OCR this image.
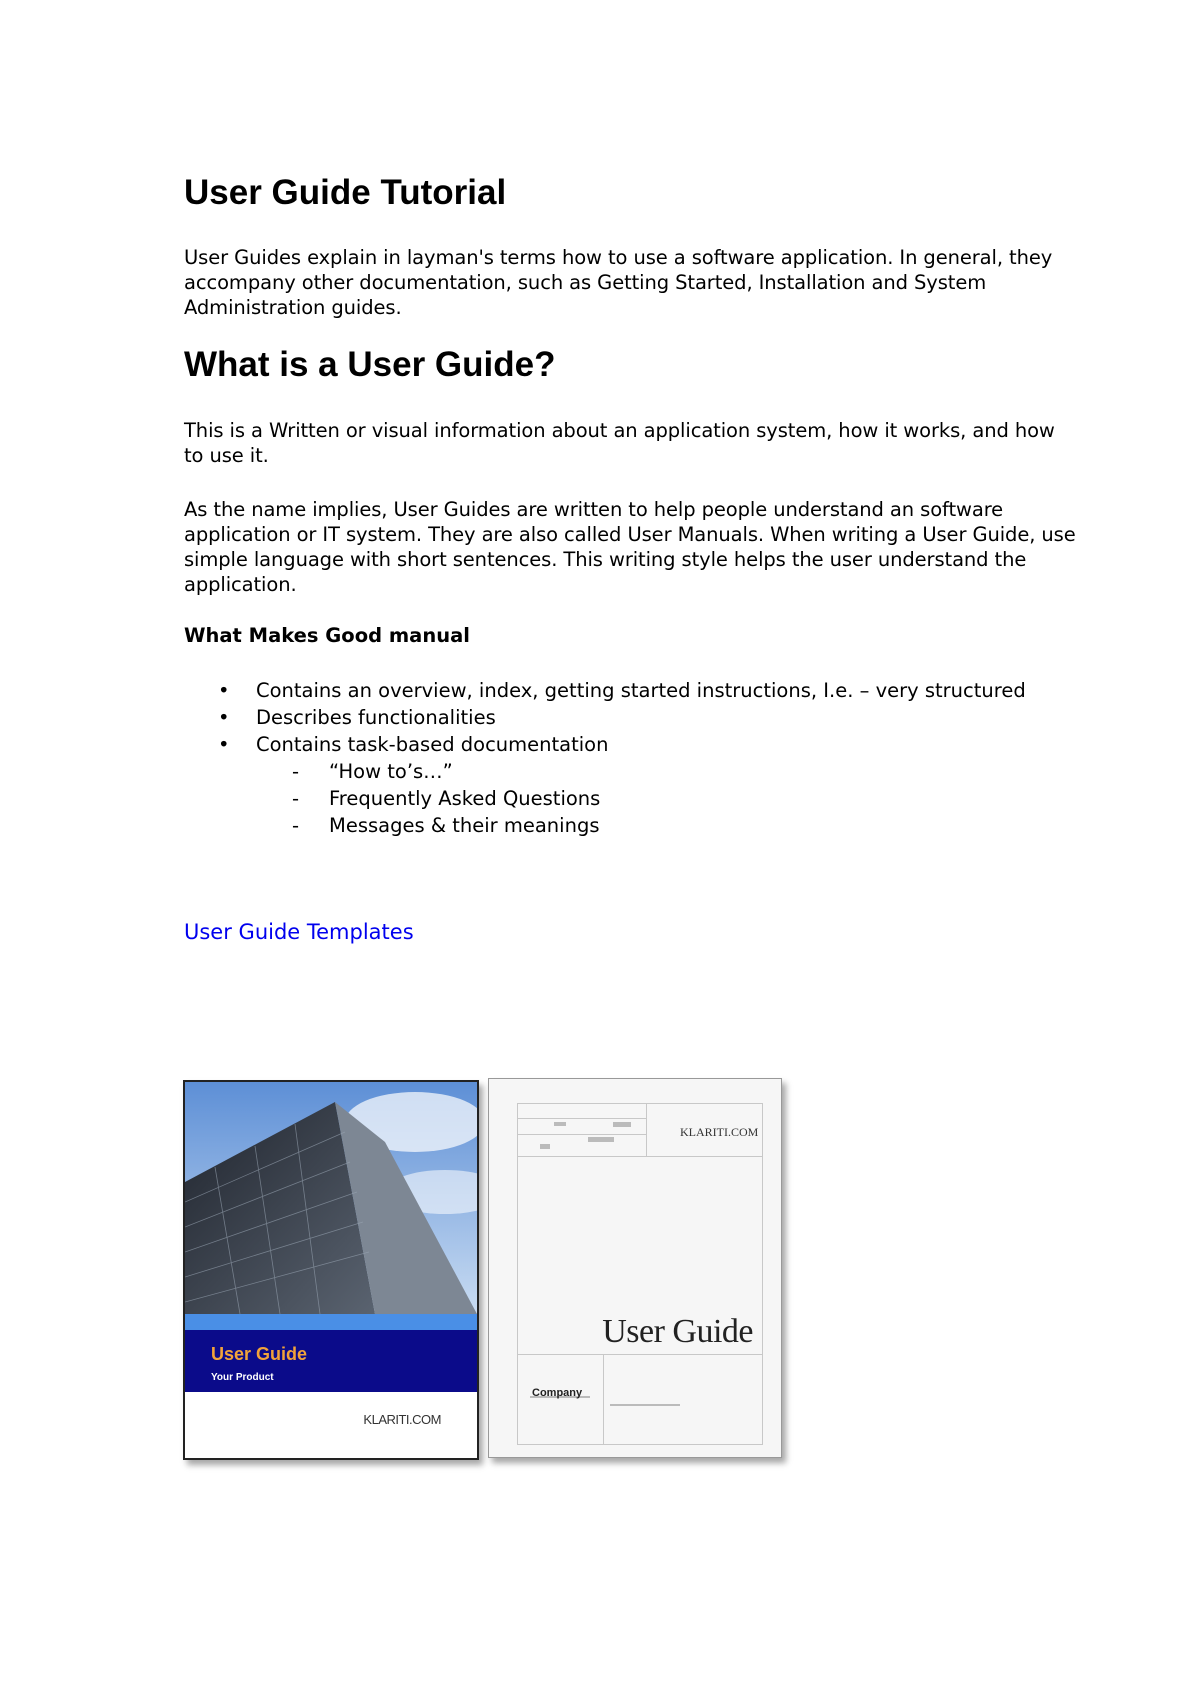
User Guide Tutorial

User Guides explain in layman's terms how to use a software application. In general, they
accompany other documentation, such as Getting Started, Installation and System
Administration guides.

What is a User Guide?

This is a Written or visual information about an application system, how it works, and how
to use it.

As the name implies, User Guides are written to help people understand an software
application or IT system. They are also called User Manuals. When writing a User Guide, use
simple language with short sentences. This writing style helps the user understand the
application.

What Makes Good manual

• Contains an overview, index, getting started instructions, I.e. – very structured
• Describes functionalities
• Contains task-based documentation
- “How to’s…”
- Frequently Asked Questions
- Messages & their meanings
User Guide Templates
User Guide
Your Product
KLARITI.COM
KLARITI.COM
User Guide
Company
